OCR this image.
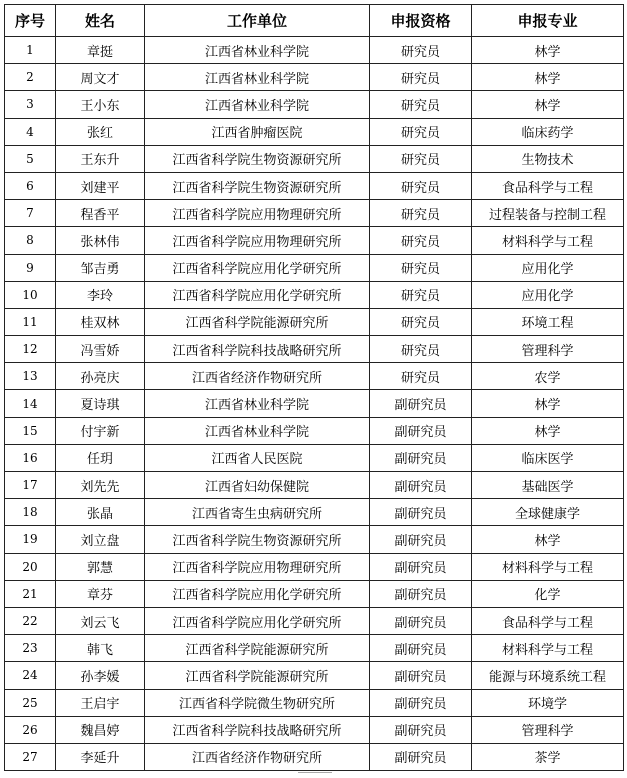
序号	姓名	工作单位	申报资格	申报专业
1	章挺	江西省林业科学院	研究员	林学
2	周文才	江西省林业科学院	研究员	林学
3	王小东	江西省林业科学院	研究员	林学
4	张红	江西省肿瘤医院	研究员	临床药学
5	王东升	江西省科学院生物资源研究所	研究员	生物技术
6	刘建平	江西省科学院生物资源研究所	研究员	食品科学与工程
7	程香平	江西省科学院应用物理研究所	研究员	过程装备与控制工程
8	张林伟	江西省科学院应用物理研究所	研究员	材料科学与工程
9	邹吉勇	江西省科学院应用化学研究所	研究员	应用化学
10	李玲	江西省科学院应用化学研究所	研究员	应用化学
11	桂双林	江西省科学院能源研究所	研究员	环境工程
12	冯雪娇	江西省科学院科技战略研究所	研究员	管理科学
13	孙亮庆	江西省经济作物研究所	研究员	农学
14	夏诗琪	江西省林业科学院	副研究员	林学
15	付宇新	江西省林业科学院	副研究员	林学
16	任玥	江西省人民医院	副研究员	临床医学
17	刘先先	江西省妇幼保健院	副研究员	基础医学
18	张晶	江西省寄生虫病研究所	副研究员	全球健康学
19	刘立盘	江西省科学院生物资源研究所	副研究员	林学
20	郭慧	江西省科学院应用物理研究所	副研究员	材料科学与工程
21	章芬	江西省科学院应用化学研究所	副研究员	化学
22	刘云飞	江西省科学院应用化学研究所	副研究员	食品科学与工程
23	韩飞	江西省科学院能源研究所	副研究员	材料科学与工程
24	孙李媛	江西省科学院能源研究所	副研究员	能源与环境系统工程
25	王启宇	江西省科学院微生物研究所	副研究员	环境学
26	魏昌婷	江西省科学院科技战略研究所	副研究员	管理科学
27	李延升	江西省经济作物研究所	副研究员	茶学
